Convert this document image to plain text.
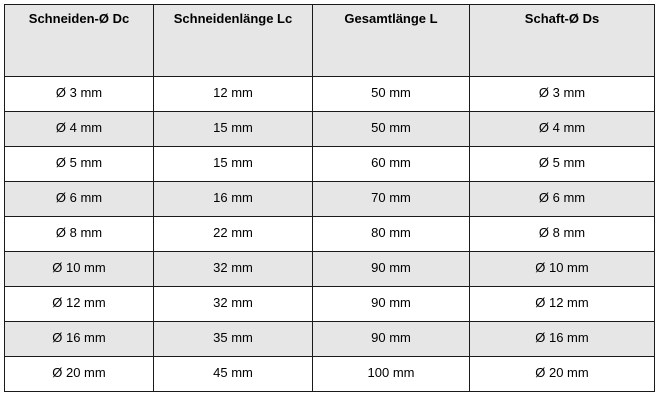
Schneiden-Ø Dc	Schneidenlänge Lc	Gesamtlänge L	Schaft-Ø Ds
Ø 3 mm	12 mm	50 mm	Ø 3 mm
Ø 4 mm	15 mm	50 mm	Ø 4 mm
Ø 5 mm	15 mm	60 mm	Ø 5 mm
Ø 6 mm	16 mm	70 mm	Ø 6 mm
Ø 8 mm	22 mm	80 mm	Ø 8 mm
Ø 10 mm	32 mm	90 mm	Ø 10 mm
Ø 12 mm	32 mm	90 mm	Ø 12 mm
Ø 16 mm	35 mm	90 mm	Ø 16 mm
Ø 20 mm	45 mm	100 mm	Ø 20 mm
